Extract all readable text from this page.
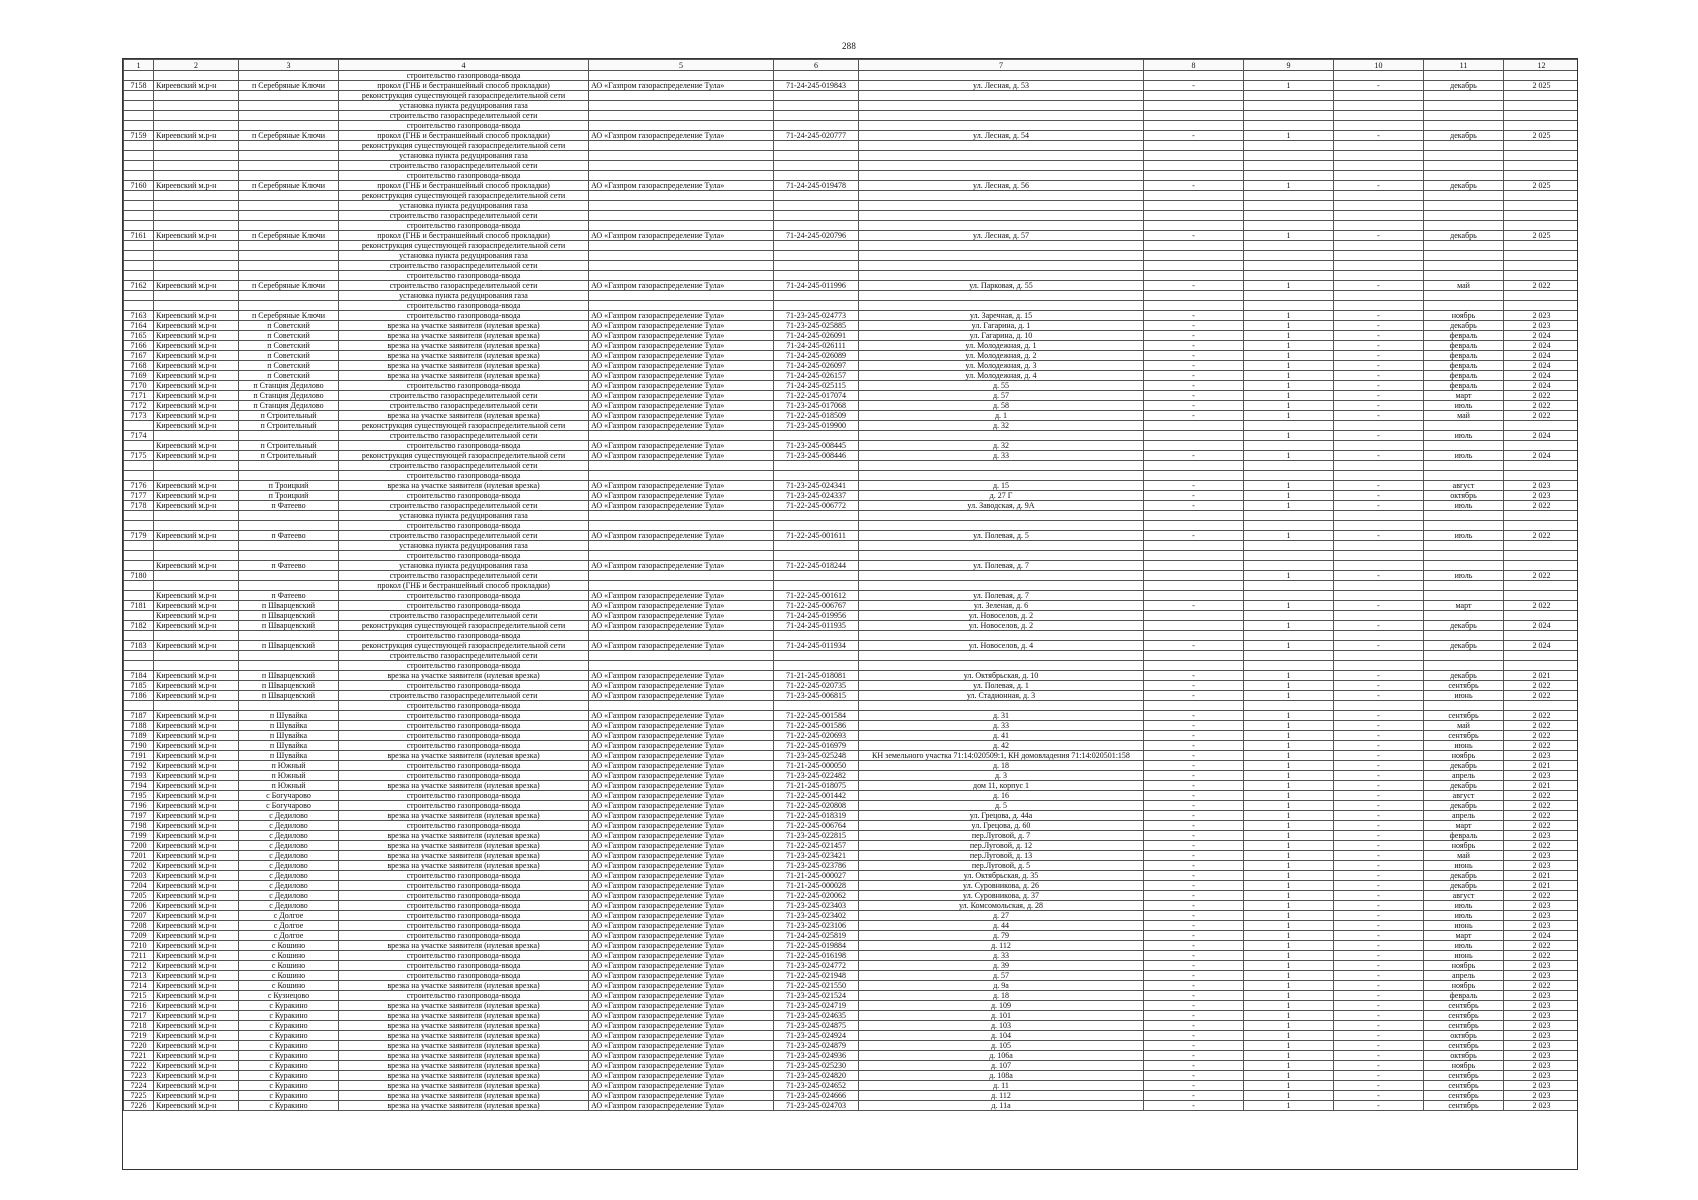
288
1	2	3	4	5	6	7	8	9	10	11	12
			строительство газопровода-ввода								
7158	Киреевский м.р-н	п Серебряные Ключи	прокол (ГНБ и бестраншейный способ прокладки)	АО «Газпром газораспределение Тула»	71-24-245-019843	ул. Лесная, д. 53	-	1	-	декабрь	2 025
			реконструкция существующей газораспределительной сети								
			установка пункта редуцирования газа								
			строительство газораспределительной сети								
			строительство газопровода-ввода								
7159	Киреевский м.р-н	п Серебряные Ключи	прокол (ГНБ и бестраншейный способ прокладки)	АО «Газпром газораспределение Тула»	71-24-245-020777	ул. Лесная, д. 54	-	1	-	декабрь	2 025
			реконструкция существующей газораспределительной сети								
			установка пункта редуцирования газа								
			строительство газораспределительной сети								
			строительство газопровода-ввода								
7160	Киреевский м.р-н	п Серебряные Ключи	прокол (ГНБ и бестраншейный способ прокладки)	АО «Газпром газораспределение Тула»	71-24-245-019478	ул. Лесная, д. 56	-	1	-	декабрь	2 025
			реконструкция существующей газораспределительной сети								
			установка пункта редуцирования газа								
			строительство газораспределительной сети								
			строительство газопровода-ввода								
7161	Киреевский м.р-н	п Серебряные Ключи	прокол (ГНБ и бестраншейный способ прокладки)	АО «Газпром газораспределение Тула»	71-24-245-020796	ул. Лесная, д. 57	-	1	-	декабрь	2 025
			реконструкция существующей газораспределительной сети								
			установка пункта редуцирования газа								
			строительство газораспределительной сети								
			строительство газопровода-ввода								
7162	Киреевский м.р-н	п Серебряные Ключи	строительство газораспределительной сети	АО «Газпром газораспределение Тула»	71-24-245-011996	ул. Парковая, д. 55	-	1	-	май	2 022
			установка пункта редуцирования газа								
			строительство газопровода-ввода								
7163	Киреевский м.р-н	п Серебряные Ключи	строительство газопровода-ввода	АО «Газпром газораспределение Тула»	71-23-245-024773	ул. Заречная, д. 15	-	1	-	ноябрь	2 023
7164	Киреевский м.р-н	п Советский	врезка на участке заявителя (нулевая врезка)	АО «Газпром газораспределение Тула»	71-23-245-025885	ул. Гагарина, д. 1	-	1	-	декабрь	2 023
7165	Киреевский м.р-н	п Советский	врезка на участке заявителя (нулевая врезка)	АО «Газпром газораспределение Тула»	71-24-245-026091	ул. Гагарина, д. 10	-	1	-	февраль	2 024
7166	Киреевский м.р-н	п Советский	врезка на участке заявителя (нулевая врезка)	АО «Газпром газораспределение Тула»	71-24-245-026111	ул. Молодежная, д. 1	-	1	-	февраль	2 024
7167	Киреевский м.р-н	п Советский	врезка на участке заявителя (нулевая врезка)	АО «Газпром газораспределение Тула»	71-24-245-026089	ул. Молодежная, д. 2	-	1	-	февраль	2 024
7168	Киреевский м.р-н	п Советский	врезка на участке заявителя (нулевая врезка)	АО «Газпром газораспределение Тула»	71-24-245-026097	ул. Молодежная, д. 3	-	1	-	февраль	2 024
7169	Киреевский м.р-н	п Советский	врезка на участке заявителя (нулевая врезка)	АО «Газпром газораспределение Тула»	71-24-245-026157	ул. Молодежная, д. 4	-	1	-	февраль	2 024
7170	Киреевский м.р-н	п Станция Дедилово	строительство газопровода-ввода	АО «Газпром газораспределение Тула»	71-24-245-025115	д. 55	-	1	-	февраль	2 024
7171	Киреевский м.р-н	п Станция Дедилово	строительство газораспределительной сети	АО «Газпром газораспределение Тула»	71-22-245-017074	д. 57	-	1	-	март	2 022
7172	Киреевский м.р-н	п Станция Дедилово	строительство газораспределительной сети	АО «Газпром газораспределение Тула»	71-23-245-017068	д. 58	-	1	-	июль	2 022
7173	Киреевский м.р-н	п Строительный	врезка на участке заявителя (нулевая врезка)	АО «Газпром газораспределение Тула»	71-22-245-018509	д. 1	-	1	-	май	2 022
	Киреевский м.р-н	п Строительный	реконструкция существующей газораспределительной сети	АО «Газпром газораспределение Тула»	71-23-245-019900	д. 32					
7174			строительство газораспределительной сети					1	-	июль	2 024
	Киреевский м.р-н	п Строительный	строительство газопровода-ввода	АО «Газпром газораспределение Тула»	71-23-245-008445	д. 32					
7175	Киреевский м.р-н	п Строительный	реконструкция существующей газораспределительной сети	АО «Газпром газораспределение Тула»	71-23-245-008446	д. 33	-	1	-	июль	2 024
			строительство газораспределительной сети								
			строительство газопровода-ввода								
7176	Киреевский м.р-н	п Троицкий	врезка на участке заявителя (нулевая врезка)	АО «Газпром газораспределение Тула»	71-23-245-024341	д. 15	-	1	-	август	2 023
7177	Киреевский м.р-н	п Троицкий	строительство газопровода-ввода	АО «Газпром газораспределение Тула»	71-23-245-024337	д. 27 Г	-	1	-	октябрь	2 023
7178	Киреевский м.р-н	п Фатеево	строительство газораспределительной сети	АО «Газпром газораспределение Тула»	71-22-245-006772	ул. Заводская, д. 9А	-	1	-	июль	2 022
			установка пункта редуцирования газа								
			строительство газопровода-ввода								
7179	Киреевский м.р-н	п Фатеево	строительство газораспределительной сети	АО «Газпром газораспределение Тула»	71-22-245-001611	ул. Полевая, д. 5	-	1	-	июль	2 022
			установка пункта редуцирования газа								
			строительство газопровода-ввода								
	Киреевский м.р-н	п Фатеево	установка пункта редуцирования газа	АО «Газпром газораспределение Тула»	71-22-245-018244	ул. Полевая, д. 7					
7180			строительство газораспределительной сети					1	-	июль	2 022
			прокол (ГНБ и бестраншейный способ прокладки)								
	Киреевский м.р-н	п Фатеево	строительство газопровода-ввода	АО «Газпром газораспределение Тула»	71-22-245-001612	ул. Полевая, д. 7					
7181	Киреевский м.р-н	п Шварцевский	строительство газопровода-ввода	АО «Газпром газораспределение Тула»	71-22-245-006767	ул. Зеленая, д. 6	-	1	-	март	2 022
	Киреевский м.р-н	п Шварцевский	строительство газораспределительной сети	АО «Газпром газораспределение Тула»	71-24-245-019956	ул. Новоселов, д. 2					
7182	Киреевский м.р-н	п Шварцевский	реконструкция существующей газораспределительной сети	АО «Газпром газораспределение Тула»	71-24-245-011935	ул. Новоселов, д. 2		1	-	декабрь	2 024
			строительство газопровода-ввода								
7183	Киреевский м.р-н	п Шварцевский	реконструкция существующей газораспределительной сети	АО «Газпром газораспределение Тула»	71-24-245-011934	ул. Новоселов, д. 4	-	1	-	декабрь	2 024
			строительство газораспределительной сети								
			строительство газопровода-ввода								
7184	Киреевский м.р-н	п Шварцевский	врезка на участке заявителя (нулевая врезка)	АО «Газпром газораспределение Тула»	71-21-245-018081	ул. Октябрьская, д. 10	-	1	-	декабрь	2 021
7185	Киреевский м.р-н	п Шварцевский	строительство газопровода-ввода	АО «Газпром газораспределение Тула»	71-22-245-020735	ул. Полевая, д. 1	-	1	-	сентябрь	2 022
7186	Киреевский м.р-н	п Шварцевский	строительство газораспределительной сети	АО «Газпром газораспределение Тула»	71-23-245-006815	ул. Стадионная, д. 3	-	1	-	июнь	2 022
			строительство газопровода-ввода								
7187	Киреевский м.р-н	п Шувайка	строительство газопровода-ввода	АО «Газпром газораспределение Тула»	71-22-245-001584	д. 31	-	1	-	сентябрь	2 022
7188	Киреевский м.р-н	п Шувайка	строительство газопровода-ввода	АО «Газпром газораспределение Тула»	71-22-245-001586	д. 33	-	1	-	май	2 022
7189	Киреевский м.р-н	п Шувайка	строительство газопровода-ввода	АО «Газпром газораспределение Тула»	71-22-245-020693	д. 41	-	1	-	сентябрь	2 022
7190	Киреевский м.р-н	п Шувайка	строительство газопровода-ввода	АО «Газпром газораспределение Тула»	71-22-245-016979	д. 42	-	1	-	июнь	2 022
7191	Киреевский м.р-н	п Шувайка	врезка на участке заявителя (нулевая врезка)	АО «Газпром газораспределение Тула»	71-23-245-025248	КН земельного участка 71:14:020509:1, КН домовладения 71:14:020501:158	-	1	-	ноябрь	2 023
7192	Киреевский м.р-н	п Южный	строительство газопровода-ввода	АО «Газпром газораспределение Тула»	71-21-245-000050	д. 18	-	1	-	декабрь	2 021
7193	Киреевский м.р-н	п Южный	строительство газопровода-ввода	АО «Газпром газораспределение Тула»	71-23-245-022482	д. 3	-	1	-	апрель	2 023
7194	Киреевский м.р-н	п Южный	врезка на участке заявителя (нулевая врезка)	АО «Газпром газораспределение Тула»	71-21-245-018075	дом 11, корпус 1	-	1	-	декабрь	2 021
7195	Киреевский м.р-н	с Богучарово	строительство газопровода-ввода	АО «Газпром газораспределение Тула»	71-22-245-001442	д. 16	-	1	-	август	2 022
7196	Киреевский м.р-н	с Богучарово	строительство газопровода-ввода	АО «Газпром газораспределение Тула»	71-22-245-020808	д. 5	-	1	-	декабрь	2 022
7197	Киреевский м.р-н	с Дедилово	врезка на участке заявителя (нулевая врезка)	АО «Газпром газораспределение Тула»	71-22-245-018319	ул. Грецова, д. 44а	-	1	-	апрель	2 022
7198	Киреевский м.р-н	с Дедилово	строительство газопровода-ввода	АО «Газпром газораспределение Тула»	71-22-245-006764	ул. Грецова, д. 60	-	1	-	март	2 022
7199	Киреевский м.р-н	с Дедилово	врезка на участке заявителя (нулевая врезка)	АО «Газпром газораспределение Тула»	71-23-245-022815	пер.Луговой, д. 7	-	1	-	февраль	2 023
7200	Киреевский м.р-н	с Дедилово	врезка на участке заявителя (нулевая врезка)	АО «Газпром газораспределение Тула»	71-22-245-021457	пер.Луговой, д. 12	-	1	-	ноябрь	2 022
7201	Киреевский м.р-н	с Дедилово	врезка на участке заявителя (нулевая врезка)	АО «Газпром газораспределение Тула»	71-23-245-023421	пер.Луговой, д. 13	-	1	-	май	2 023
7202	Киреевский м.р-н	с Дедилово	врезка на участке заявителя (нулевая врезка)	АО «Газпром газораспределение Тула»	71-23-245-023786	пер.Луговой, д. 5	-	1	-	июнь	2 023
7203	Киреевский м.р-н	с Дедилово	строительство газопровода-ввода	АО «Газпром газораспределение Тула»	71-21-245-000027	ул. Октябрьская, д. 35	-	1	-	декабрь	2 021
7204	Киреевский м.р-н	с Дедилово	строительство газопровода-ввода	АО «Газпром газораспределение Тула»	71-21-245-000028	ул. Суровникова, д. 26	-	1	-	декабрь	2 021
7205	Киреевский м.р-н	с Дедилово	строительство газопровода-ввода	АО «Газпром газораспределение Тула»	71-22-245-020062	ул. Суровникова, д. 37	-	1	-	август	2 022
7206	Киреевский м.р-н	с Дедилово	строительство газопровода-ввода	АО «Газпром газораспределение Тула»	71-23-245-023403	ул. Комсомольская, д. 28	-	1	-	июль	2 023
7207	Киреевский м.р-н	с Долгое	строительство газопровода-ввода	АО «Газпром газораспределение Тула»	71-23-245-023402	д. 27	-	1	-	июль	2 023
7208	Киреевский м.р-н	с Долгое	строительство газопровода-ввода	АО «Газпром газораспределение Тула»	71-23-245-023106	д. 44	-	1	-	июнь	2 023
7209	Киреевский м.р-н	с Долгое	строительство газопровода-ввода	АО «Газпром газораспределение Тула»	71-24-245-025819	д. 79	-	1	-	март	2 024
7210	Киреевский м.р-н	с Кошино	врезка на участке заявителя (нулевая врезка)	АО «Газпром газораспределение Тула»	71-22-245-019884	д. 112	-	1	-	июль	2 022
7211	Киреевский м.р-н	с Кошино	строительство газопровода-ввода	АО «Газпром газораспределение Тула»	71-22-245-016198	д. 33	-	1	-	июнь	2 022
7212	Киреевский м.р-н	с Кошино	строительство газопровода-ввода	АО «Газпром газораспределение Тула»	71-23-245-024772	д. 39	-	1	-	ноябрь	2 023
7213	Киреевский м.р-н	с Кошино	строительство газопровода-ввода	АО «Газпром газораспределение Тула»	71-22-245-021948	д. 57	-	1	-	апрель	2 023
7214	Киреевский м.р-н	с Кошино	врезка на участке заявителя (нулевая врезка)	АО «Газпром газораспределение Тула»	71-22-245-021550	д. 9а	-	1	-	ноябрь	2 022
7215	Киреевский м.р-н	с Кузнецово	строительство газопровода-ввода	АО «Газпром газораспределение Тула»	71-23-245-021524	д. 18	-	1	-	февраль	2 023
7216	Киреевский м.р-н	с Куракино	врезка на участке заявителя (нулевая врезка)	АО «Газпром газораспределение Тула»	71-23-245-024719	д. 109	-	1	-	сентябрь	2 023
7217	Киреевский м.р-н	с Куракино	врезка на участке заявителя (нулевая врезка)	АО «Газпром газораспределение Тула»	71-23-245-024635	д. 101	-	1	-	сентябрь	2 023
7218	Киреевский м.р-н	с Куракино	врезка на участке заявителя (нулевая врезка)	АО «Газпром газораспределение Тула»	71-23-245-024875	д. 103	-	1	-	сентябрь	2 023
7219	Киреевский м.р-н	с Куракино	врезка на участке заявителя (нулевая врезка)	АО «Газпром газораспределение Тула»	71-23-245-024924	д. 104	-	1	-	октябрь	2 023
7220	Киреевский м.р-н	с Куракино	врезка на участке заявителя (нулевая врезка)	АО «Газпром газораспределение Тула»	71-23-245-024879	д. 105	-	1	-	сентябрь	2 023
7221	Киреевский м.р-н	с Куракино	врезка на участке заявителя (нулевая врезка)	АО «Газпром газораспределение Тула»	71-23-245-024936	д. 106а	-	1	-	октябрь	2 023
7222	Киреевский м.р-н	с Куракино	врезка на участке заявителя (нулевая врезка)	АО «Газпром газораспределение Тула»	71-23-245-025230	д. 107	-	1	-	ноябрь	2 023
7223	Киреевский м.р-н	с Куракино	врезка на участке заявителя (нулевая врезка)	АО «Газпром газораспределение Тула»	71-23-245-024820	д. 108а	-	1	-	сентябрь	2 023
7224	Киреевский м.р-н	с Куракино	врезка на участке заявителя (нулевая врезка)	АО «Газпром газораспределение Тула»	71-23-245-024652	д. 11	-	1	-	сентябрь	2 023
7225	Киреевский м.р-н	с Куракино	врезка на участке заявителя (нулевая врезка)	АО «Газпром газораспределение Тула»	71-23-245-024666	д. 112	-	1	-	сентябрь	2 023
7226	Киреевский м.р-н	с Куракино	врезка на участке заявителя (нулевая врезка)	АО «Газпром газораспределение Тула»	71-23-245-024703	д. 11а	-	1	-	сентябрь	2 023
